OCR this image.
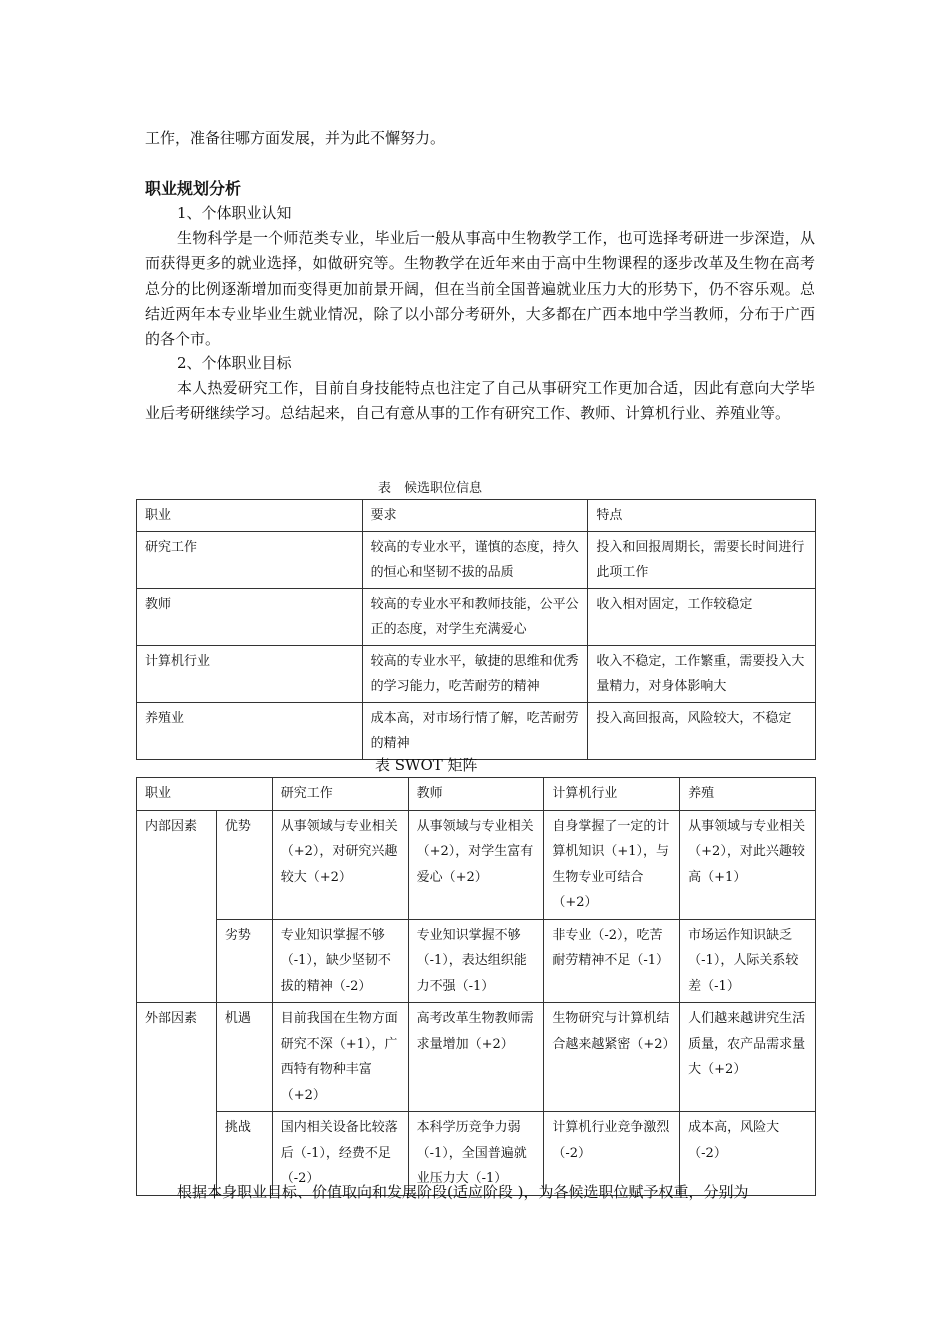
工作，准备往哪方面发展，并为此不懈努力。

职业规划分析

1、个体职业认知

生物科学是一个师范类专业，毕业后一般从事高中生物教学工作，也可选择考研进一步深造，从而获得更多的就业选择，如做研究等。生物教学在近年来由于高中生物课程的逐步改革及生物在高考总分的比例逐渐增加而变得更加前景开阔，但在当前全国普遍就业压力大的形势下，仍不容乐观。总结近两年本专业毕业生就业情况，除了以小部分考研外，大多都在广西本地中学当教师，分布于广西的各个市。

2、个体职业目标

本人热爱研究工作，目前自身技能特点也注定了自己从事研究工作更加合适，因此有意向大学毕业后考研继续学习。总结起来，自己有意从事的工作有研究工作、教师、计算机行业、养殖业等。

表　候选职位信息

职业	要求	特点
研究工作	较高的专业水平，谨慎的态度，持久的恒心和坚韧不拔的品质	投入和回报周期长，需要长时间进行此项工作
教师	较高的专业水平和教师技能，公平公正的态度，对学生充满爱心	收入相对固定，工作较稳定
计算机行业	较高的专业水平，敏捷的思维和优秀的学习能力，吃苦耐劳的精神	收入不稳定，工作繁重，需要投入大量精力，对身体影响大
养殖业	成本高，对市场行情了解，吃苦耐劳的精神	投入高回报高，风险较大，不稳定

表 SWOT 矩阵

职业		研究工作	教师	计算机行业	养殖
内部因素	优势	从事领域与专业相关（+2），对研究兴趣较大（+2）	从事领域与专业相关（+2），对学生富有爱心（+2）	自身掌握了一定的计算机知识（+1），与生物专业可结合（+2）	从事领域与专业相关（+2），对此兴趣较高（+1）
	劣势	专业知识掌握不够（-1），缺少坚韧不拔的精神（-2）	专业知识掌握不够（-1），表达组织能力不强（-1）	非专业（-2），吃苦耐劳精神不足（-1）	市场运作知识缺乏（-1），人际关系较差（-1）
外部因素	机遇	目前我国在生物方面研究不深（+1），广西特有物种丰富（+2）	高考改革生物教师需求量增加（+2）	生物研究与计算机结合越来越紧密（+2）	人们越来越讲究生活质量，农产品需求量大（+2）
	挑战	国内相关设备比较落后（-1），经费不足（-2）	本科学历竞争力弱（-1），全国普遍就业压力大（-1）	计算机行业竞争激烈（-2）	成本高，风险大（-2）

根据本身职业目标、价值取向和发展阶段(适应阶段 )，为各候选职位赋予权重，分别为
